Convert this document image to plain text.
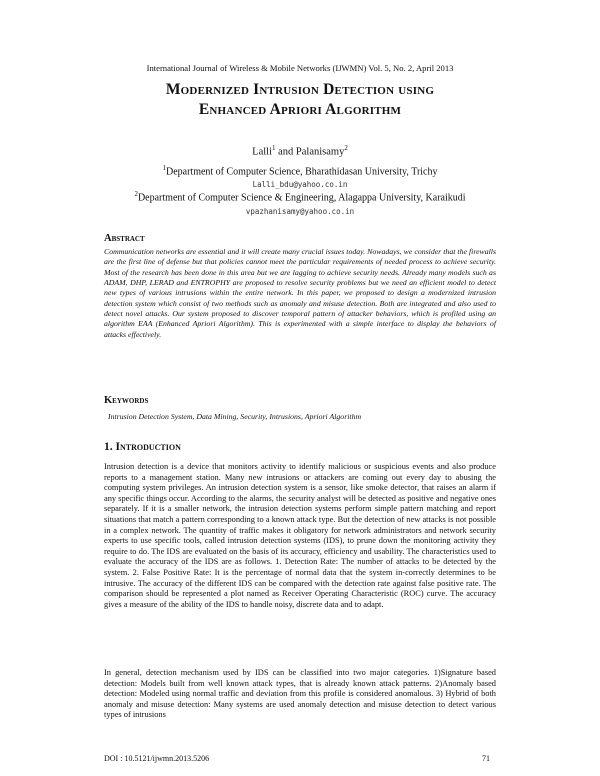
International Journal of Wireless & Mobile Networks (IJWMN) Vol. 5, No. 2, April 2013
Modernized Intrusion Detection using
Enhanced Apriori Algorithm
Lalli$^1$ and Palanisamy$^2$
$^1$Department of Computer Science, Bharathidasan University, Trichy
Lalli_bdu@yahoo.co.in
$^2$Department of Computer Science & Engineering, Alagappa University, Karaikudi
vpazhanisamy@yahoo.co.in
Abstract
Communication networks are essential and it will create many crucial issues today. Nowadays, we consider that the firewalls are the first line of defense but that policies cannot meet the particular requirements of needed process to achieve security. Most of the research has been done in this area but we are lagging to achieve security needs. Already many models such as ADAM, DHP, LERAD and ENTROPHY are proposed to resolve security problems but we need an efficient model to detect new types of various intrusions within the entire network. In this paper, we proposed to design a modernized intrusion detection system which consist of two methods such as anomaly and misuse detection. Both are integrated and also used to detect novel attacks. Our system proposed to discover temporal pattern of attacker behaviors, which is profiled using an algorithm EAA (Enhanced Apriori Algorithm). This is experimented with a simple interface to display the behaviors of attacks effectively.
Keywords
Intrusion Detection System, Data Mining, Security, Intrusions, Apriori Algorithm
1. Introduction
Intrusion detection is a device that monitors activity to identify malicious or suspicious events and also produce reports to a management station. Many new intrusions or attackers are coming out every day to abusing the computing system privileges. An intrusion detection system is a sensor, like smoke detector, that raises an alarm if any specific things occur. According to the alarms, the security analyst will be detected as positive and negative ones separately. If it is a smaller network, the intrusion detection systems perform simple pattern matching and report situations that match a pattern corresponding to a known attack type. But the detection of new attacks is not possible in a complex network. The quantity of traffic makes it obligatory for network administrators and network security experts to use specific tools, called intrusion detection systems (IDS), to prune down the monitoring activity they require to do. The IDS are evaluated on the basis of its accuracy, efficiency and usability. The characteristics used to evaluate the accuracy of the IDS are as follows. 1. Detection Rate: The number of attacks to be detected by the system. 2. False Positive Rate: It is the percentage of normal data that the system in-correctly determines to be intrusive. The accuracy of the different IDS can be compared with the detection rate against false positive rate. The comparison should be represented a plot named as Receiver Operating Characteristic (ROC) curve. The accuracy gives a measure of the ability of the IDS to handle noisy, discrete data and to adapt.
In general, detection mechanism used by IDS can be classified into two major categories. 1)Signature based detection: Models built from well known attack types, that is already known attack patterns. 2)Anomaly based detection: Modeled using normal traffic and deviation from this profile is considered anomalous. 3) Hybrid of both anomaly and misuse detection: Many systems are used anomaly detection and misuse detection to detect various types of intrusions
DOI : 10.5121/ijwmn.2013.5206	71
